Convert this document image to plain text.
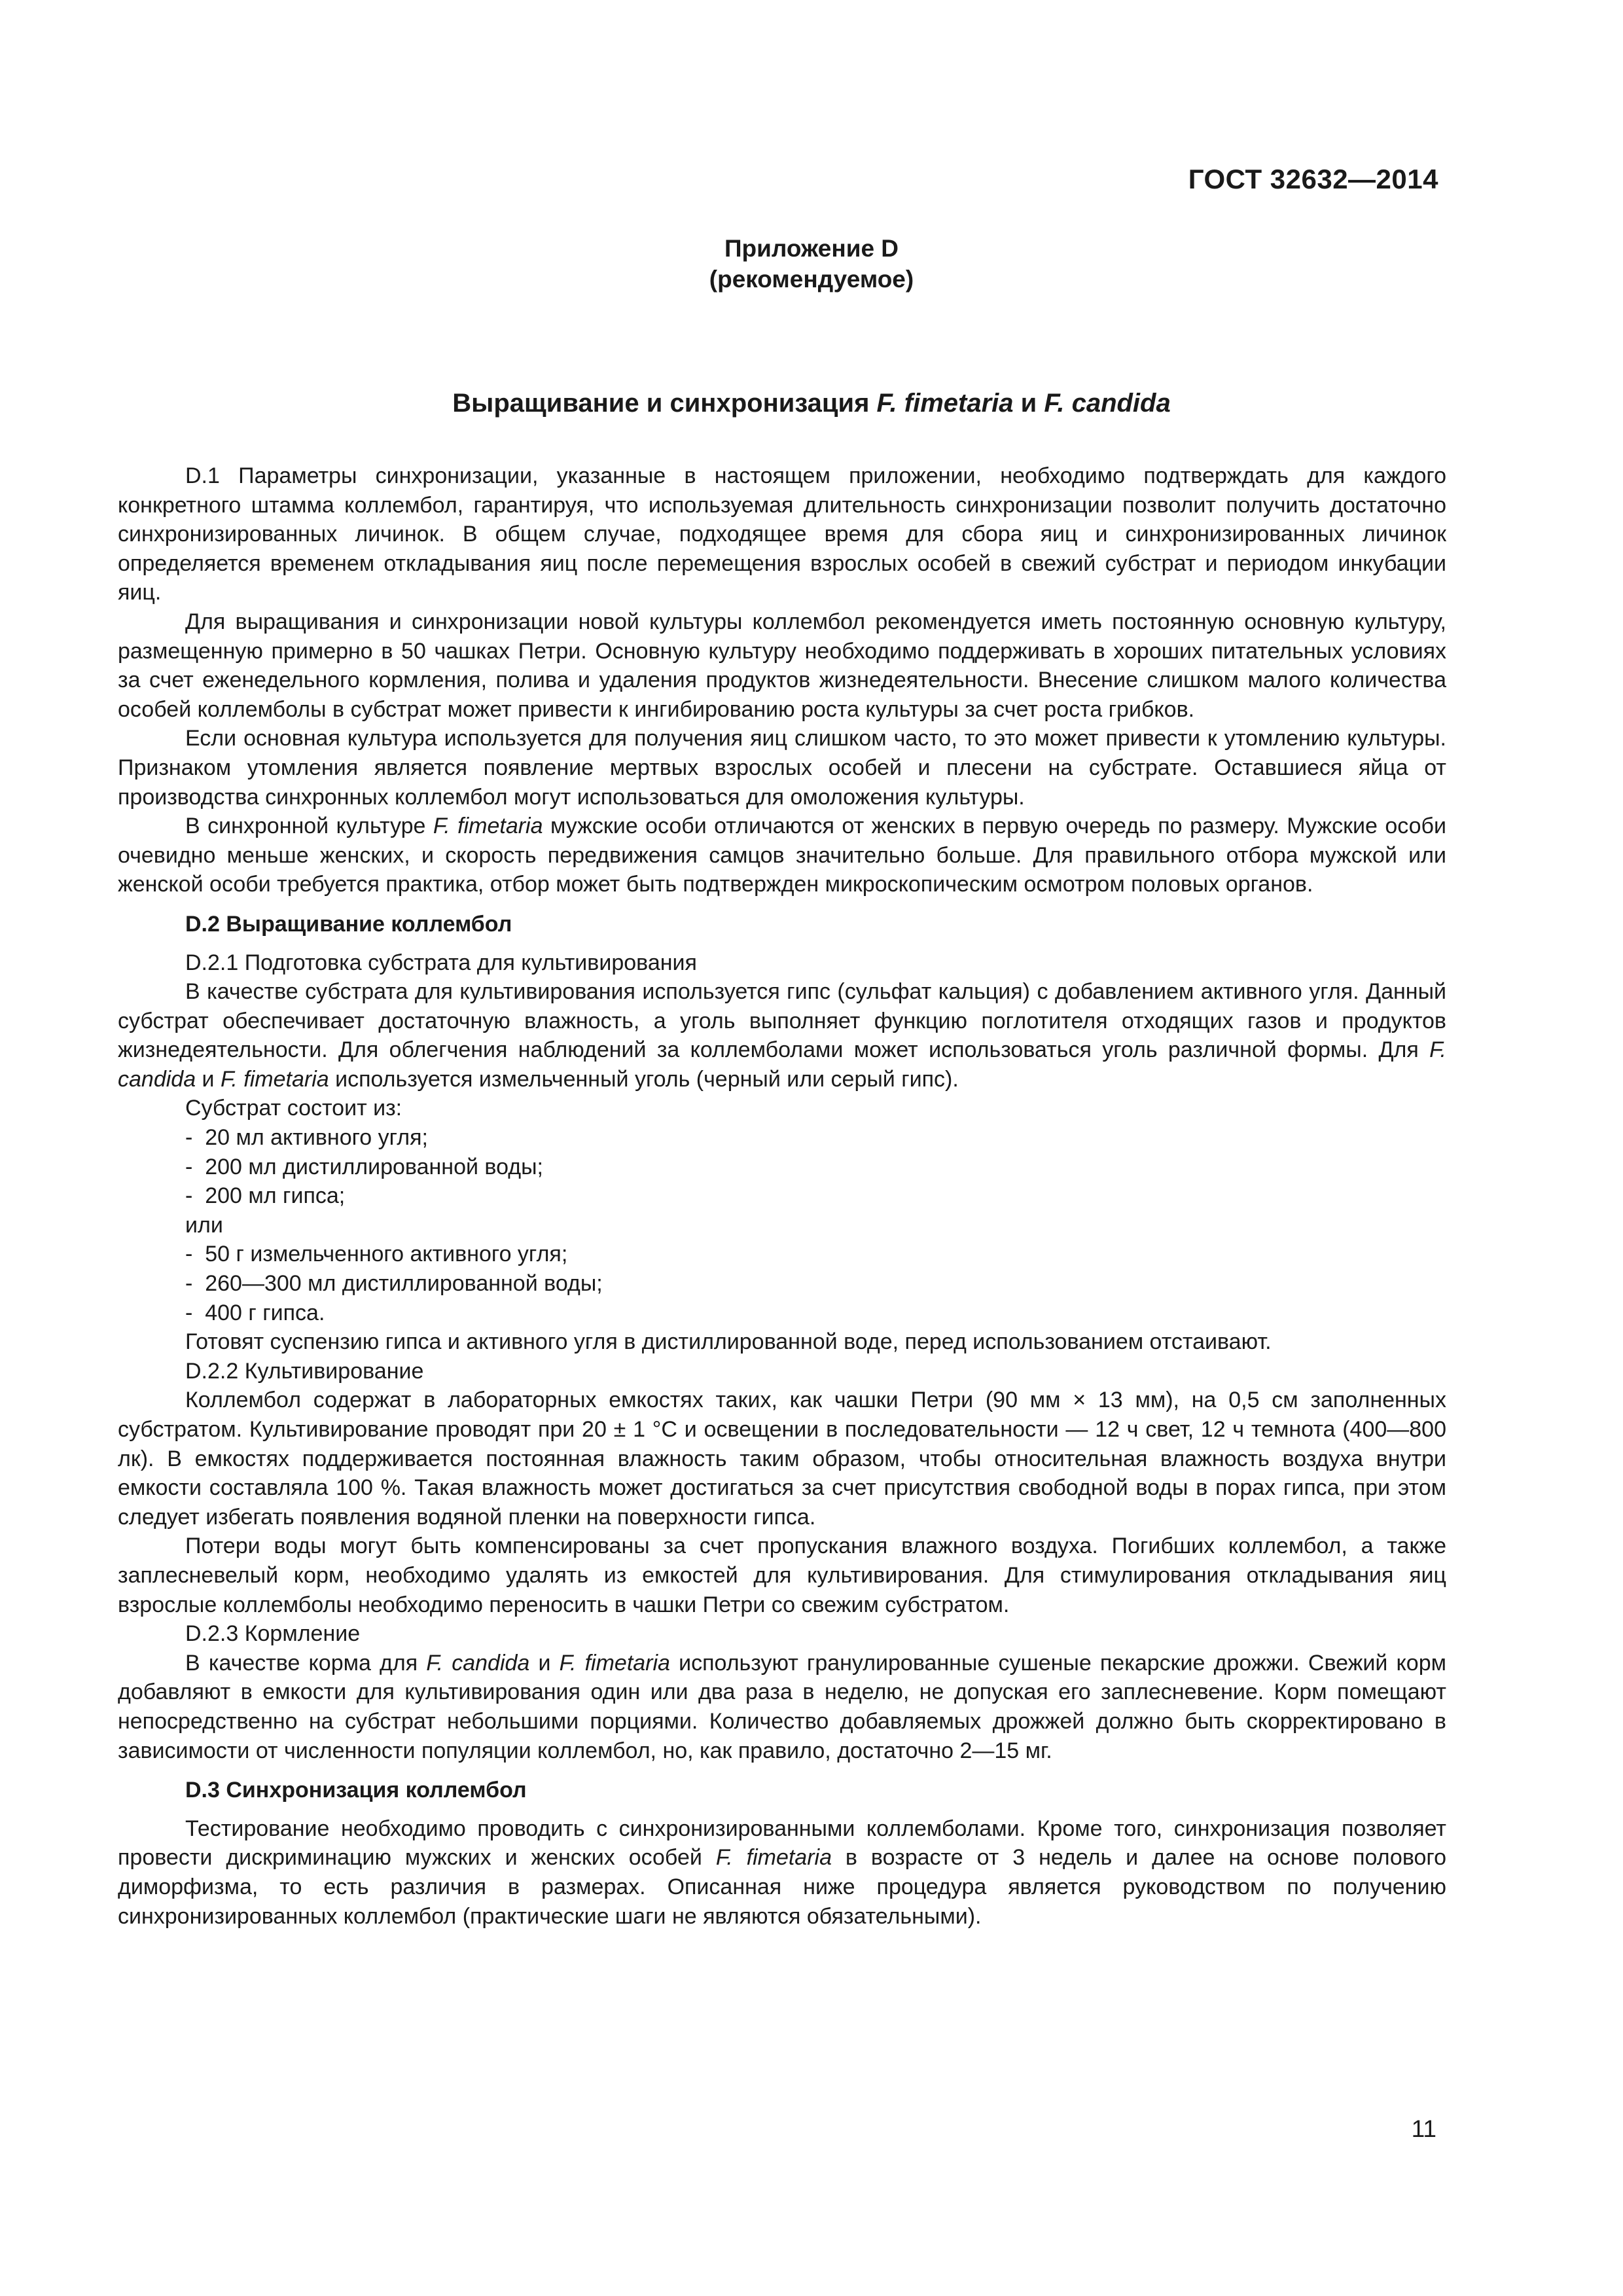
ГОСТ 32632—2014
Приложение D
(рекомендуемое)
Выращивание и синхронизация F. fimetaria и F. candida

D.1 Параметры синхронизации, указанные в настоящем приложении, необходимо подтверждать для каждого конкретного штамма коллембол, гарантируя, что используемая длительность синхронизации позволит получить достаточно синхронизированных личинок. В общем случае, подходящее время для сбора яиц и синхронизированных личинок определяется временем откладывания яиц после перемещения взрослых особей в свежий субстрат и периодом инкубации яиц.

Для выращивания и синхронизации новой культуры коллембол рекомендуется иметь постоянную основную культуру, размещенную примерно в 50 чашках Петри. Основную культуру необходимо поддерживать в хороших питательных условиях за счет еженедельного кормления, полива и удаления продуктов жизнедеятельности. Внесение слишком малого количества особей коллемболы в субстрат может привести к ингибированию роста культуры за счет роста грибков.

Если основная культура используется для получения яиц слишком часто, то это может привести к утомлению культуры. Признаком утомления является появление мертвых взрослых особей и плесени на субстрате. Оставшиеся яйца от производства синхронных коллембол могут использоваться для омоложения культуры.

В синхронной культуре F. fimetaria мужские особи отличаются от женских в первую очередь по размеру. Мужские особи очевидно меньше женских, и скорость передвижения самцов значительно больше. Для правильного отбора мужской или женской особи требуется практика, отбор может быть подтвержден микроскопическим осмотром половых органов.

D.2 Выращивание коллембол

D.2.1 Подготовка субстрата для культивирования

В качестве субстрата для культивирования используется гипс (сульфат кальция) с добавлением активного угля. Данный субстрат обеспечивает достаточную влажность, а уголь выполняет функцию поглотителя отходящих газов и продуктов жизнедеятельности. Для облегчения наблюдений за коллемболами может использоваться уголь различной формы. Для F. candida и F. fimetaria используется измельченный уголь (черный или серый гипс).

Субстрат состоит из:

-  20 мл активного угля;
-  200 мл дистиллированной воды;
-  200 мл гипса;

или

-  50 г измельченного активного угля;
-  260—300 мл дистиллированной воды;
-  400 г гипса.

Готовят суспензию гипса и активного угля в дистиллированной воде, перед использованием отстаивают.

D.2.2 Культивирование

Коллембол содержат в лабораторных емкостях таких, как чашки Петри (90 мм × 13 мм), на 0,5 см заполненных субстратом. Культивирование проводят при 20 ± 1 °С и освещении в последовательности — 12 ч свет, 12 ч темнота (400—800 лк). В емкостях поддерживается постоянная влажность таким образом, чтобы относительная влажность воздуха внутри емкости составляла 100 %. Такая влажность может достигаться за счет присутствия свободной воды в порах гипса, при этом следует избегать появления водяной пленки на поверхности гипса.

Потери воды могут быть компенсированы за счет пропускания влажного воздуха. Погибших коллембол, а также заплесневелый корм, необходимо удалять из емкостей для культивирования. Для стимулирования откладывания яиц взрослые коллемболы необходимо переносить в чашки Петри со свежим субстратом.

D.2.3 Кормление

В качестве корма для F. candida и F. fimetaria используют гранулированные сушеные пекарские дрожжи. Свежий корм добавляют в емкости для культивирования один или два раза в неделю, не допуская его заплесневение. Корм помещают непосредственно на субстрат небольшими порциями. Количество добавляемых дрожжей должно быть скорректировано в зависимости от численности популяции коллембол, но, как правило, достаточно 2—15 мг.

D.3 Синхронизация коллембол

Тестирование необходимо проводить с синхронизированными коллемболами. Кроме того, синхронизация позволяет провести дискриминацию мужских и женских особей F. fimetaria в возрасте от 3 недель и далее на основе полового диморфизма, то есть различия в размерах. Описанная ниже процедура является руководством по получению синхронизированных коллембол (практические шаги не являются обязательными).

11
